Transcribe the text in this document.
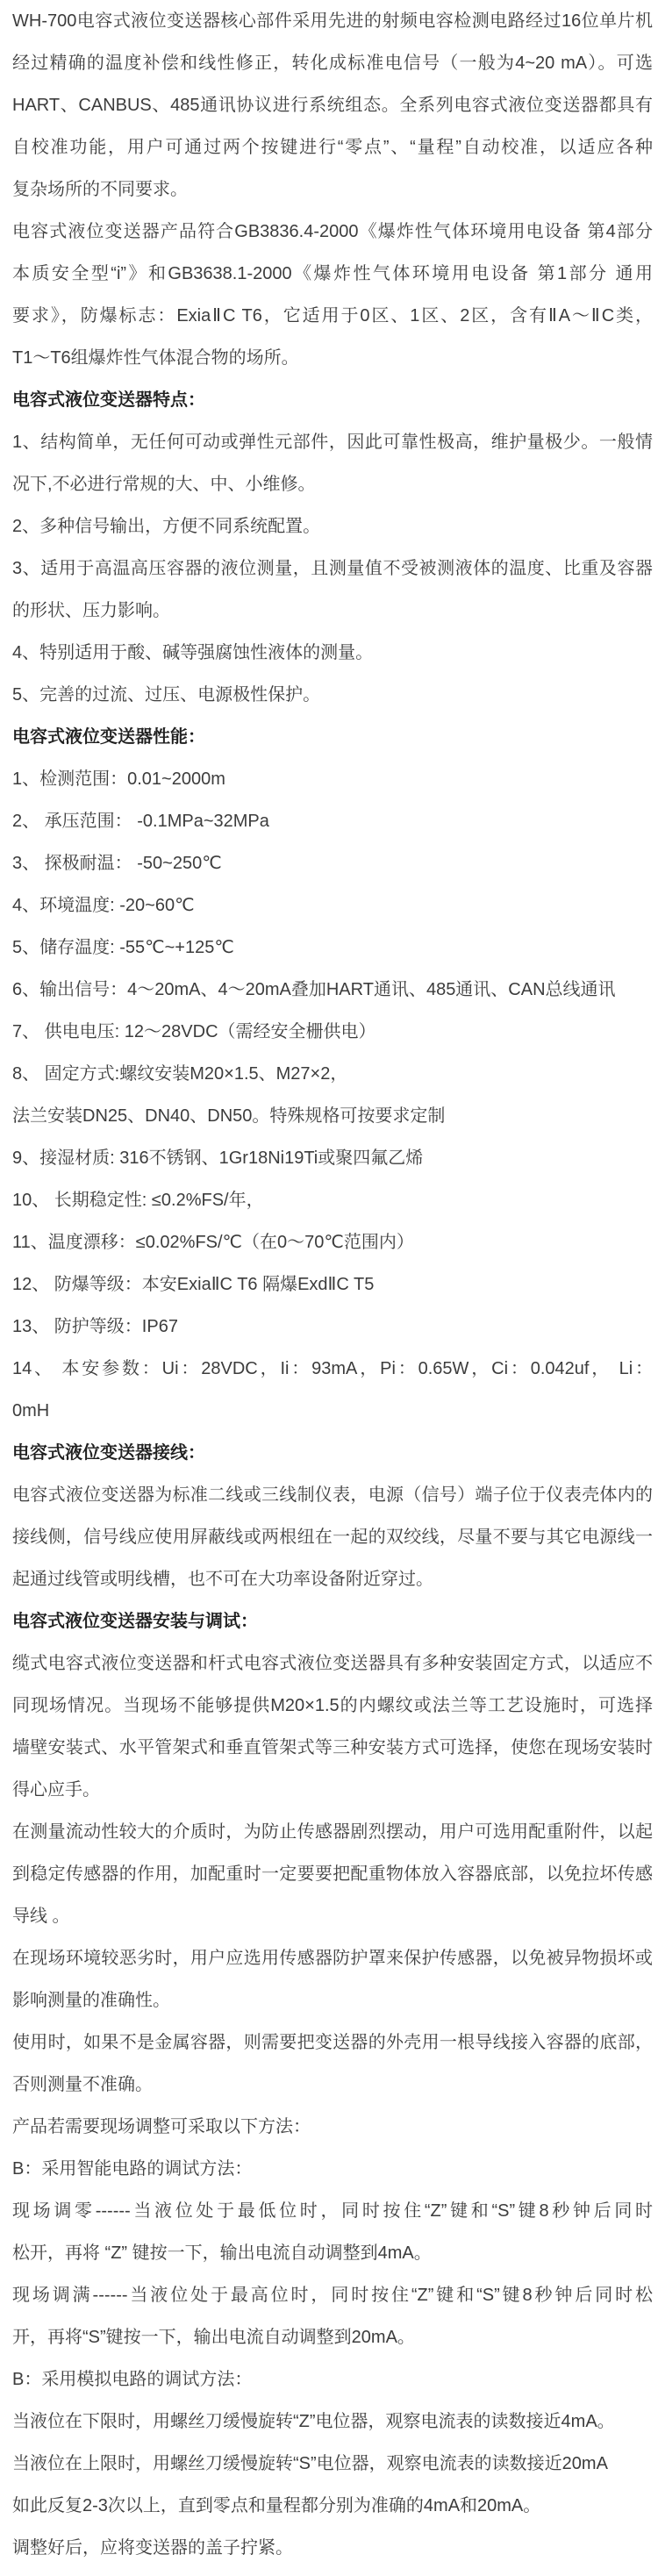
WH-700电容式液位变送器核心部件采用先进的射频电容检测电路经过16位单片机
经过精确的温度补偿和线性修正，转化成标准电信号（一般为4~20 mA）。可选
HART、CANBUS、485通讯协议进行系统组态。全系列电容式液位变送器都具有
自校准功能，用户可通过两个按键进行“零点”、“量程”自动校准，以适应各种
复杂场所的不同要求。
电容式液位变送器产品符合GB3836.4-2000《爆炸性气体环境用电设备 第4部分
本质安全型“i”》和GB3638.1-2000《爆炸性气体环境用电设备 第1部分 通用
要求》，防爆标志：ExiaⅡC T6，它适用于0区、1区、2区，含有ⅡA～ⅡC类，
T1～T6组爆炸性气体混合物的场所。
电容式液位变送器特点：
1、结构简单，无任何可动或弹性元部件，因此可靠性极高，维护量极少。一般情
况下,不必进行常规的大、中、小维修。
2、多种信号输出，方便不同系统配置。
3、适用于高温高压容器的液位测量，且测量值不受被测液体的温度、比重及容器
的形状、压力影响。
4、特别适用于酸、碱等强腐蚀性液体的测量。
5、完善的过流、过压、电源极性保护。
电容式液位变送器性能：
1、检测范围：0.01~2000m
2、 承压范围： -0.1MPa~32MPa
3、 探极耐温： -50~250℃
4、环境温度: -20~60℃
5、储存温度: -55℃~+125℃
6、输出信号：4～20mA、4～20mA叠加HART通讯、485通讯、CAN总线通讯
7、 供电电压: 12～28VDC（需经安全栅供电）
8、 固定方式:螺纹安装M20×1.5、M27×2，
法兰安装DN25、DN40、DN50。特殊规格可按要求定制
9、接湿材质: 316不锈钢、1Gr18Ni19Ti或聚四氟乙烯
10、 长期稳定性: ≤0.2%FS/年，
11、温度漂移：≤0.02%FS/℃（在0～70℃范围内）
12、 防爆等级：本安ExiaⅡC T6 隔爆ExdⅡC T5
13、 防护等级：IP67
14、 本安参数：Ui：28VDC，Ii：93mA，Pi：0.65W，Ci：0.042uf， Li：
0mH
电容式液位变送器接线：
电容式液位变送器为标准二线或三线制仪表，电源（信号）端子位于仪表壳体内的
接线侧，信号线应使用屏蔽线或两根纽在一起的双绞线，尽量不要与其它电源线一
起通过线管或明线槽，也不可在大功率设备附近穿过。
电容式液位变送器安装与调试：
缆式电容式液位变送器和杆式电容式液位变送器具有多种安装固定方式，以适应不
同现场情况。当现场不能够提供M20×1.5的内螺纹或法兰等工艺设施时，可选择
墙壁安装式、水平管架式和垂直管架式等三种安装方式可选择，使您在现场安装时
得心应手。
在测量流动性较大的介质时，为防止传感器剧烈摆动，用户可选用配重附件，以起
到稳定传感器的作用，加配重时一定要要把配重物体放入容器底部，以免拉坏传感
导线 。
在现场环境较恶劣时，用户应选用传感器防护罩来保护传感器，以免被异物损坏或
影响测量的准确性。
使用时，如果不是金属容器，则需要把变送器的外壳用一根导线接入容器的底部，
否则测量不准确。
产品若需要现场调整可采取以下方法：
B：采用智能电路的调试方法：
现场调零------当液位处于最低位时，同时按住“Z”键和“S”键8秒钟后同时
松开，再将 “Z” 键按一下，输出电流自动调整到4mA。
现场调满------当液位处于最高位时，同时按住“Z”键和“S”键8秒钟后同时松
开，再将“S”键按一下，输出电流自动调整到20mA。
B：采用模拟电路的调试方法：
当液位在下限时，用螺丝刀缓慢旋转“Z”电位器，观察电流表的读数接近4mA。
当液位在上限时，用螺丝刀缓慢旋转“S”电位器，观察电流表的读数接近20mA
如此反复2-3次以上，直到零点和量程都分别为准确的4mA和20mA。
调整好后，应将变送器的盖子拧紧。
